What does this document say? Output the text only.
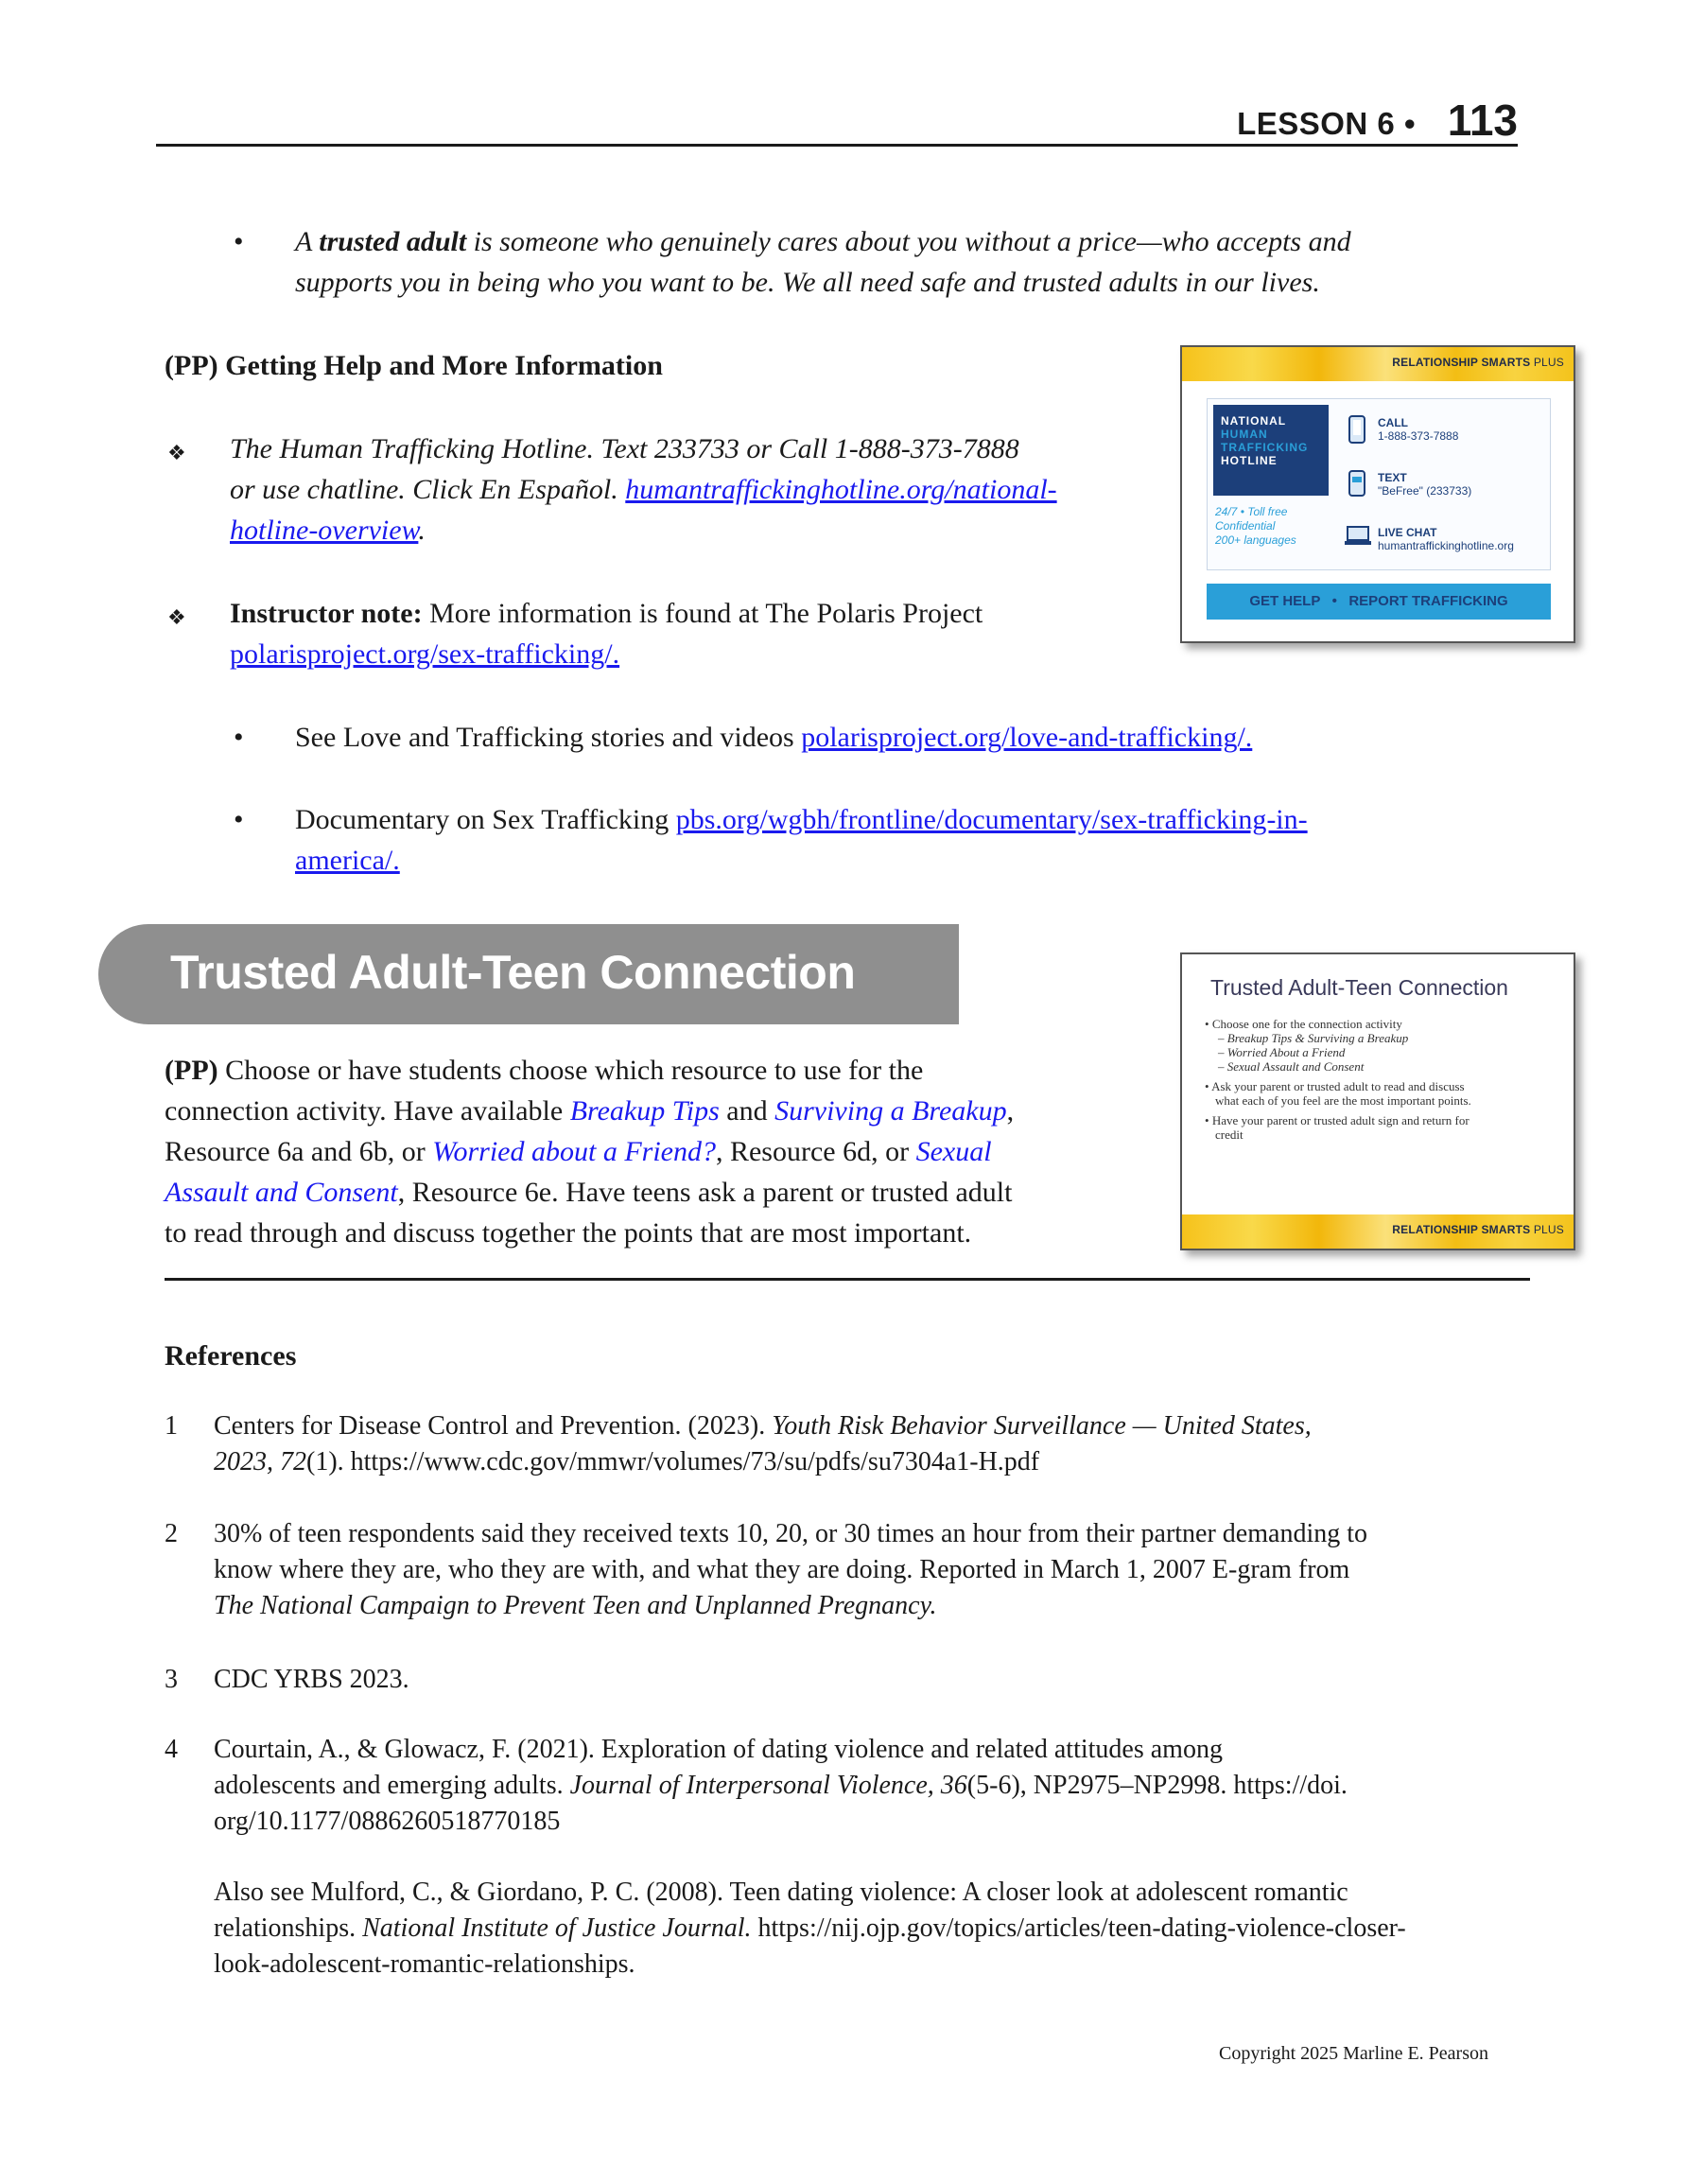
LESSON 6 • 113
• A trusted adult is someone who genuinely cares about you without a price—who accepts and
supports you in being who you want to be. We all need safe and trusted adults in our lives.
(PP) Getting Help and More Information
❖ The Human Trafficking Hotline. Text 233733 or Call 1-888-373-7888
or use chatline. Click En Español. humantraffickinghotline.org/national-
hotline-overview.
❖ Instructor note: More information is found at The Polaris Project
polarisproject.org/sex-trafficking/.
• See Love and Trafficking stories and videos polarisproject.org/love-and-trafficking/.
• Documentary on Sex Trafficking pbs.org/wgbh/frontline/documentary/sex-trafficking-in-
america/.
RELATIONSHIP SMARTS PLUS
NATIONAL
HUMAN
TRAFFICKING
HOTLINE
24/7 • Toll free
Confidential
200+ languages
CALL
1-888-373-7888
TEXT
"BeFree" (233733)
LIVE CHAT
humantraffickinghotline.org
GET HELP   •   REPORT TRAFFICKING
Trusted Adult-Teen Connection
(PP) Choose or have students choose which resource to use for the
connection activity. Have available Breakup Tips and Surviving a Breakup,
Resource 6a and 6b, or Worried about a Friend?, Resource 6d, or Sexual
Assault and Consent, Resource 6e. Have teens ask a parent or trusted adult
to read through and discuss together the points that are most important.
Trusted Adult-Teen Connection
• Choose one for the connection activity
– Breakup Tips & Surviving a Breakup
– Worried About a Friend
– Sexual Assault and Consent
• Ask your parent or trusted adult to read and discuss
what each of you feel are the most important points.
• Have your parent or trusted adult sign and return for
credit
RELATIONSHIP SMARTS PLUS
References
1 Centers for Disease Control and Prevention. (2023). Youth Risk Behavior Surveillance — United States,
2023, 72(1). https://www.cdc.gov/mmwr/volumes/73/su/pdfs/su7304a1-H.pdf
2 30% of teen respondents said they received texts 10, 20, or 30 times an hour from their partner demanding to
know where they are, who they are with, and what they are doing. Reported in March 1, 2007 E-gram from
The National Campaign to Prevent Teen and Unplanned Pregnancy.
3 CDC YRBS 2023.
4 Courtain, A., & Glowacz, F. (2021). Exploration of dating violence and related attitudes among
adolescents and emerging adults. Journal of Interpersonal Violence, 36(5-6), NP2975–NP2998. https://doi.
org/10.1177/0886260518770185
Also see Mulford, C., & Giordano, P. C. (2008). Teen dating violence: A closer look at adolescent romantic
relationships. National Institute of Justice Journal. https://nij.ojp.gov/topics/articles/teen-dating-violence-closer-
look-adolescent-romantic-relationships.
Copyright 2025 Marline E. Pearson
